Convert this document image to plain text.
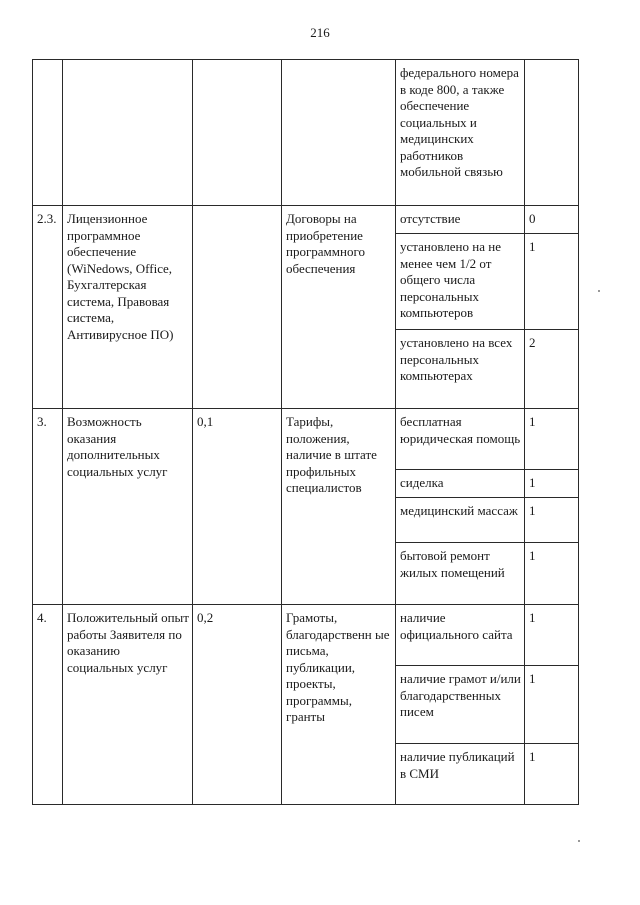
216
				федерального номера в коде 800, а также обеспечение социальных и медицинских работников мобильной связью	
2.3.	Лицензионное программное обеспечение (WiNedows, Office, Бухгалтерская система, Правовая система, Антивирусное ПО)		Договоры на приобретение программного обеспечения	отсутствие	0
				установлено на не менее чем 1/2 от общего числа персональных компьютеров	1
				установлено на всех персональных компьютерах	2
3.	Возможность оказания дополнительных социальных услуг	0,1	Тарифы, положения, наличие в штате профильных специалистов	бесплатная юридическая помощь	1
				сиделка	1
				медицинский массаж	1
				бытовой ремонт жилых помещений	1
4.	Положительный опыт работы Заявителя по оказанию социальных услуг	0,2	Грамоты, благодарственн ые письма, публикации, проекты, программы, гранты	наличие официального сайта	1
				наличие грамот и/или благодарственных писем	1
				наличие публикаций в СМИ	1
